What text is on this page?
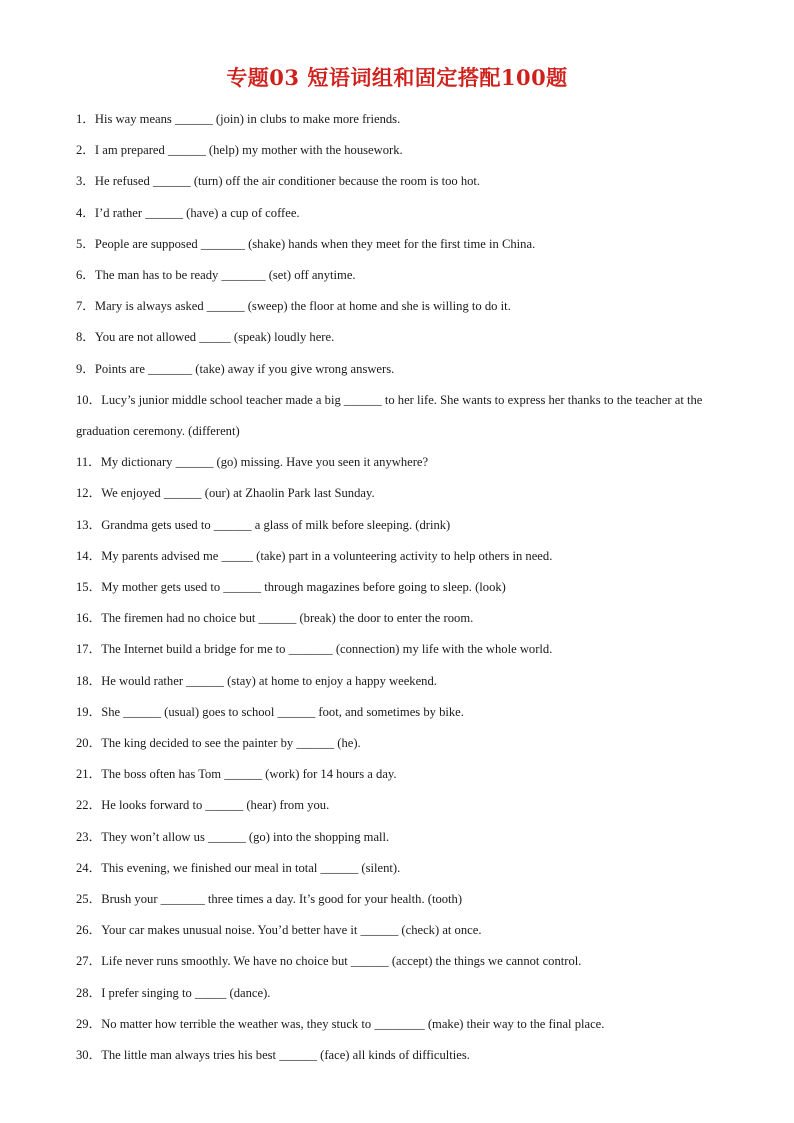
专题03 短语词组和固定搭配100题
1．His way means ______ (join) in clubs to make more friends.
2．I am prepared ______ (help) my mother with the housework.
3．He refused ______ (turn) off the air conditioner because the room is too hot.
4．I’d rather ______ (have) a cup of coffee.
5．People are supposed _______ (shake) hands when they meet for the first time in China.
6．The man has to be ready _______ (set) off anytime.
7．Mary is always asked ______ (sweep) the floor at home and she is willing to do it.
8．You are not allowed _____ (speak) loudly here.
9．Points are _______ (take) away if you give wrong answers.
10．Lucy’s junior middle school teacher made a big ______ to her life. She wants to express her thanks to the teacher at the graduation ceremony. (different)
11．My dictionary ______ (go) missing. Have you seen it anywhere?
12．We enjoyed ______ (our) at Zhaolin Park last Sunday.
13．Grandma gets used to ______ a glass of milk before sleeping. (drink)
14．My parents advised me _____ (take) part in a volunteering activity to help others in need.
15．My mother gets used to ______ through magazines before going to sleep. (look)
16．The firemen had no choice but ______ (break) the door to enter the room.
17．The Internet build a bridge for me to _______ (connection) my life with the whole world.
18．He would rather ______ (stay) at home to enjoy a happy weekend.
19．She ______ (usual) goes to school ______ foot, and sometimes by bike.
20．The king decided to see the painter by ______ (he).
21．The boss often has Tom ______ (work) for 14 hours a day.
22．He looks forward to ______ (hear) from you.
23．They won’t allow us ______ (go) into the shopping mall.
24．This evening, we finished our meal in total ______ (silent).
25．Brush your _______ three times a day. It’s good for your health. (tooth)
26．Your car makes unusual noise. You’d better have it ______ (check) at once.
27．Life never runs smoothly. We have no choice but ______ (accept) the things we cannot control.
28．I prefer singing to _____ (dance).
29．No matter how terrible the weather was, they stuck to ________ (make) their way to the final place.
30．The little man always tries his best ______ (face) all kinds of difficulties.
